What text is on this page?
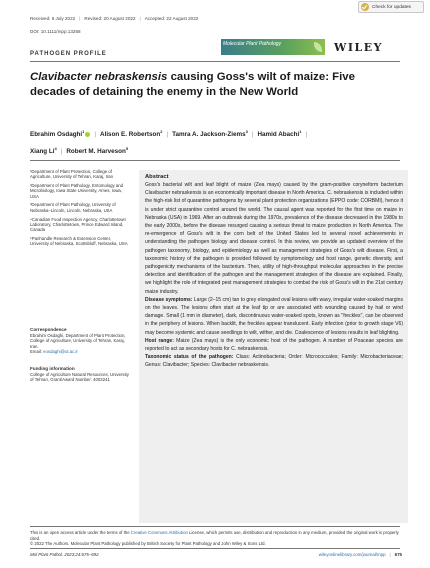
Check for updates
Received: 6 July 2022 | Revised: 20 August 2022 | Accepted: 22 August 2022
DOI: 10.1111/mpp.13268
Molecular Plant Pathology	WILEY
PATHOGEN PROFILE
Clavibacter nebraskensis causing Goss's wilt of maize: Five decades of detaining the enemy in the New World
Ebrahim Osdaghi$^1$ | Alison E. Robertson$^2$ | Tamra A. Jackson-Ziems$^3$ | Hamid Abachi$^1$ |
Xiang Li$^4$ | Robert M. Harveson$^5$

¹Department of Plant Protection, College of Agriculture, University of Tehran, Karaj, Iran

²Department of Plant Pathology, Entomology and Microbiology, Iowa State University, Ames, Iowa, USA

³Department of Plant Pathology, University of Nebraska–Lincoln, Lincoln, Nebraska, USA

⁴Canadian Food Inspection Agency, Charlottetown Laboratory, Charlottetown, Prince Edward Island, Canada

⁵Panhandle Research & Extension Center, University of Nebraska, Scottsbluff, Nebraska, USA

Correspondence

Ebrahim Osdaghi, Department of Plant Protection, College of Agriculture, University of Tehran, Karaj, Iran.
Email: eosdaghi@ut.ac.ir

Funding information

College of Agriculture Natural Resources, University of Tehran, Grant/Award Number: 4003241

Abstract

Goss's bacterial wilt and leaf blight of maize (Zea mays) caused by the gram-positive coryneform bacterium Clavibacter nebraskensis is an economically important disease in North America. C. nebraskensis is included within the high-risk list of quarantine pathogens by several plant protection organizations (EPPO code: CORBMI), hence it is under strict quarantine control around the world. The causal agent was reported for the first time on maize in Nebraska (USA) in 1969. After an outbreak during the 1970s, prevalence of the disease decreased in the 1980s to the early 2000s, before the disease resurged causing a serious threat to maize production in North America. The re-emergence of Goss's wilt in the corn belt of the United States led to several novel achievements in understanding the pathogen biology and disease control. In this review, we provide an updated overview of the pathogen taxonomy, biology, and epidemiology as well as management strategies of Goss's wilt disease. First, a taxonomic history of the pathogen is provided followed by symptomology and host range, genetic diversity, and pathogenicity mechanisms of the bacterium. Then, utility of high-throughput molecular approaches in the precise detection and identification of the pathogen and the management strategies of the disease are explained. Finally, we highlight the role of integrated pest management strategies to combat the risk of Goss's wilt in the 21st century maize industry.

Disease symptoms: Large (2–15 cm) tan to grey elongated oval lesions with wavy, irregular water-soaked margins on the leaves. The lesions often start at the leaf tip or are associated with wounding caused by hail or wind damage. Small (1 mm in diameter), dark, discontinuous water-soaked spots, known as "freckles", can be observed in the periphery of lesions. When backlit, the freckles appear translucent. Early infection (prior to growth stage V6) may become systemic and cause seedlings to wilt, wither, and die. Coalescence of lesions results in leaf blighting.

Host range: Maize (Zea mays) is the only economic host of the pathogen. A number of Poaceae species are reported to act as secondary hosts for C. nebraskensis.

Taxonomic status of the pathogen: Class: Actinobacteria; Order: Micrococcales; Family: Microbacteriaceae; Genus: Clavibacter; Species: Clavibacter nebraskensis.

This is an open access article under the terms of the Creative Commons Attribution License, which permits use, distribution and reproduction in any medium, provided the original work is properly cited.

© 2022 The Authors. Molecular Plant Pathology published by British Society for Plant Pathology and John Wiley & Sons Ltd.

Mol Plant Pathol. 2023;24:675–692.	wileyonlinelibrary.com/journal/mpp | 675
